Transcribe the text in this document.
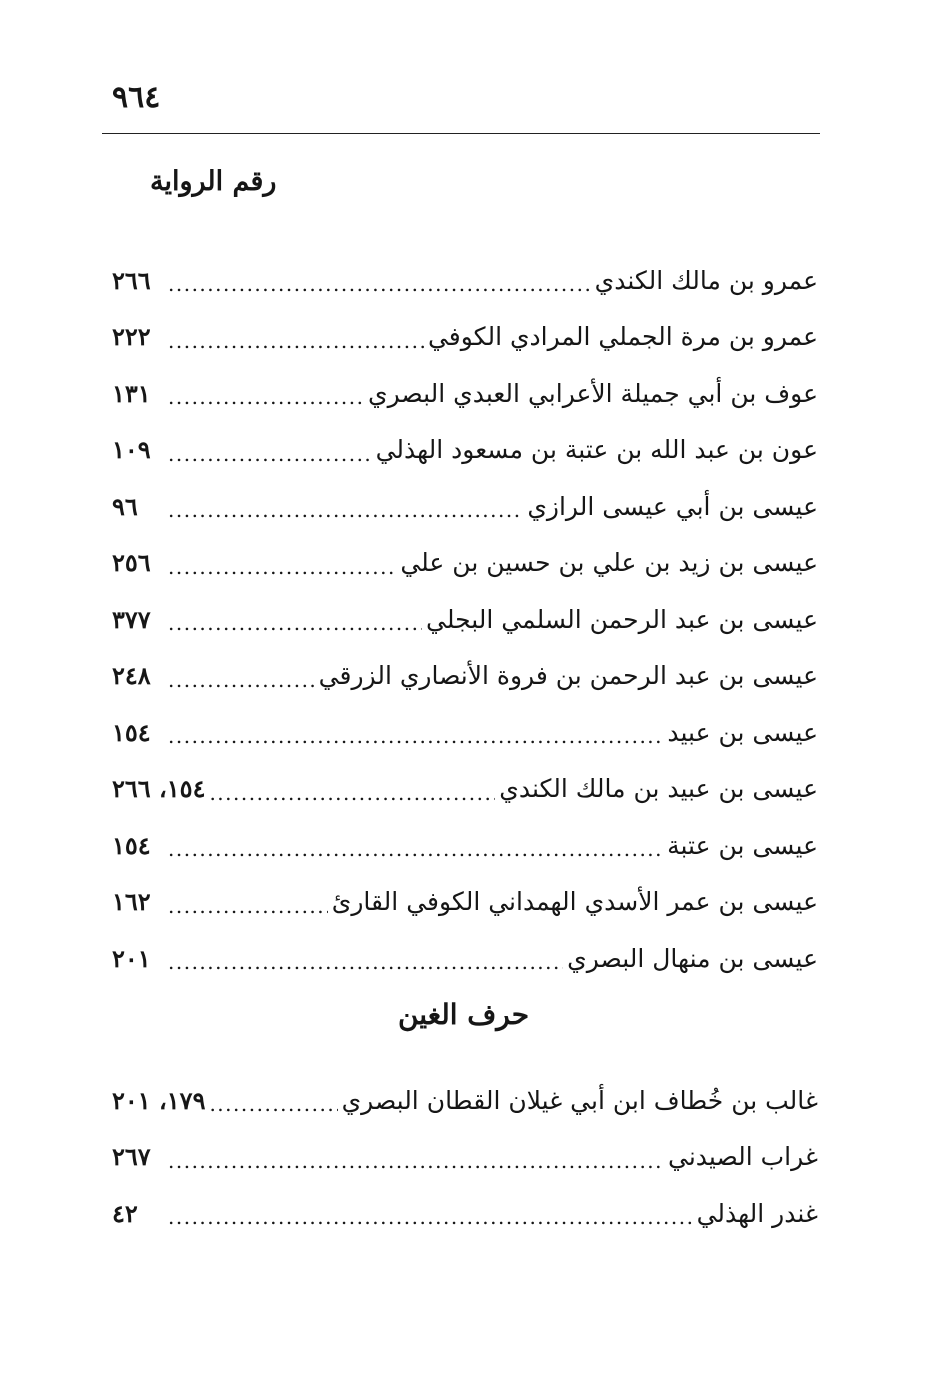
٩٦٤
رقم الرواية
عمرو بن مالك الكندي
.....
٢٦٦
عمرو بن مرة الجملي المرادي الكوفي
.....
٢٢٢
عوف بن أبي جميلة الأعرابي العبدي البصري
.....
١٣١
عون بن عبد الله بن عتبة بن مسعود الهذلي
.....
١٠٩
عيسى بن أبي عيسى الرازي
.....
٩٦
عيسى بن زيد بن علي بن حسين بن علي
.....
٢٥٦
عيسى بن عبد الرحمن السلمي البجلي
.....
٣٧٧
عيسى بن عبد الرحمن بن فروة الأنصاري الزرقي
.....
٢٤٨
عيسى بن عبيد
.....
١٥٤
عيسى بن عبيد بن مالك الكندي
.....
١٥٤، ٢٦٦
عيسى بن عتبة
.....
١٥٤
عيسى بن عمر الأسدي الهمداني الكوفي القارئ
.....
١٦٢
عيسى بن منهال البصري
.....
٢٠١
حرف الغين
غالب بن خُطاف ابن أبي غيلان القطان البصري
.....
١٧٩، ٢٠١
غراب الصيدني
.....
٢٦٧
غندر الهذلي
.....
٤٢
